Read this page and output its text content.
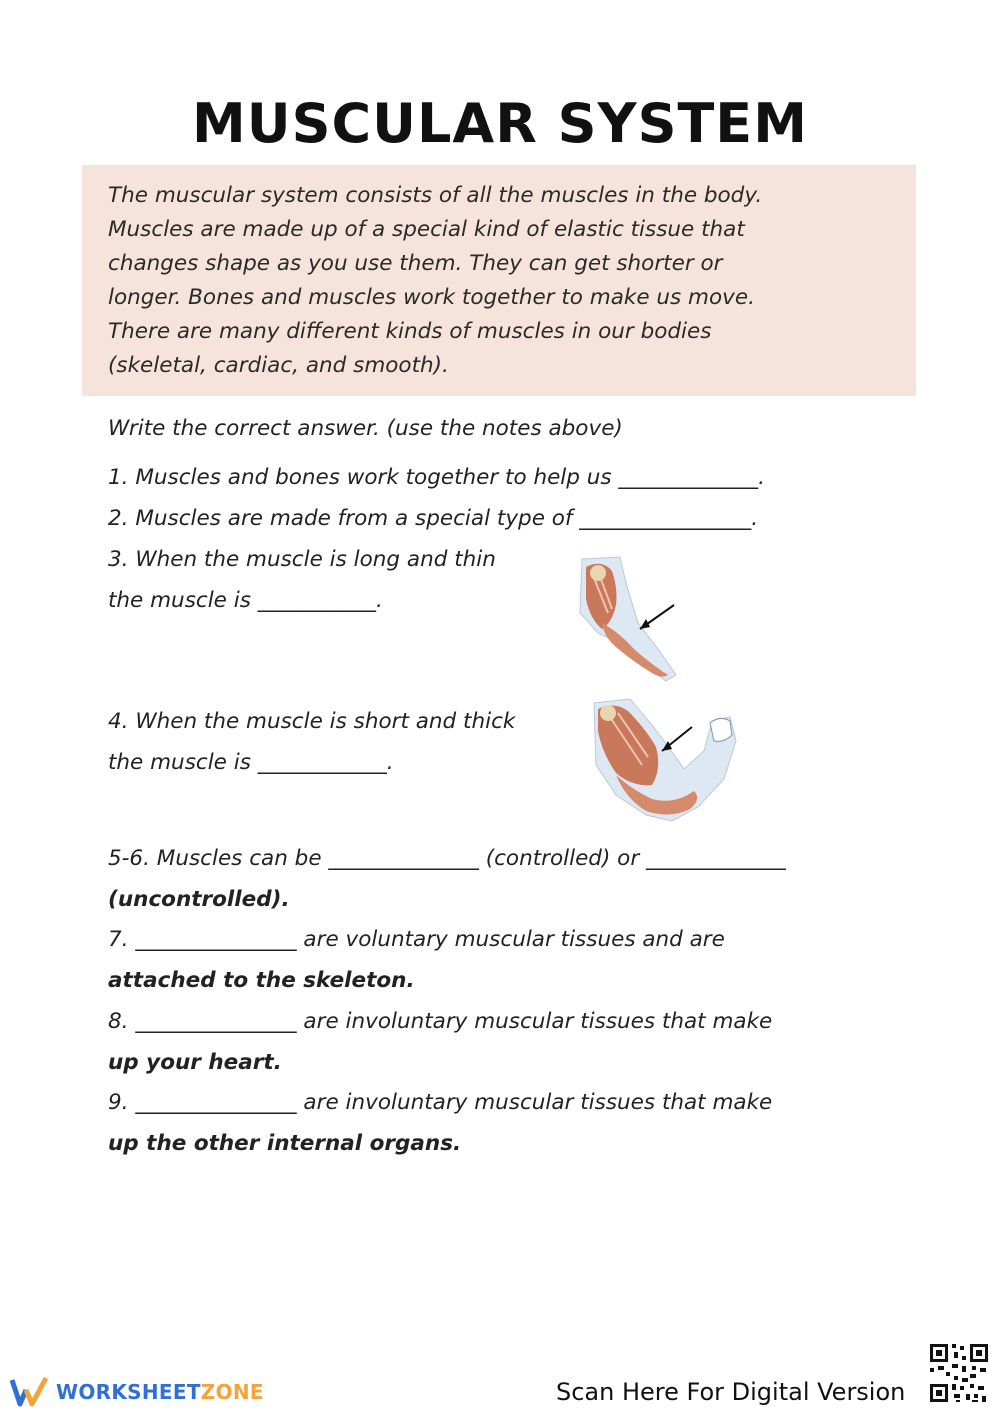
MUSCULAR SYSTEM
The muscular system consists of all the muscles in the body.
Muscles are made up of a special kind of elastic tissue that
changes shape as you use them. They can get shorter or
longer. Bones and muscles work together to make us move.
There are many different kinds of muscles in our bodies
(skeletal, cardiac, and smooth).
Write the correct answer. (use the notes above)
1. Muscles and bones work together to help us _____________.
2. Muscles are made from a special type of ________________.
3. When the muscle is long and thin
the muscle is ___________.
4. When the muscle is short and thick
the muscle is ____________.
5-6. Muscles can be ______________ (controlled) or _____________
(uncontrolled).
7. _______________ are voluntary muscular tissues and are
attached to the skeleton.
8. _______________ are involuntary muscular tissues that make
up your heart.
9. _______________ are involuntary muscular tissues that make
up the other internal organs.
WORKSHEET ZONE	Scan Here For Digital Version
